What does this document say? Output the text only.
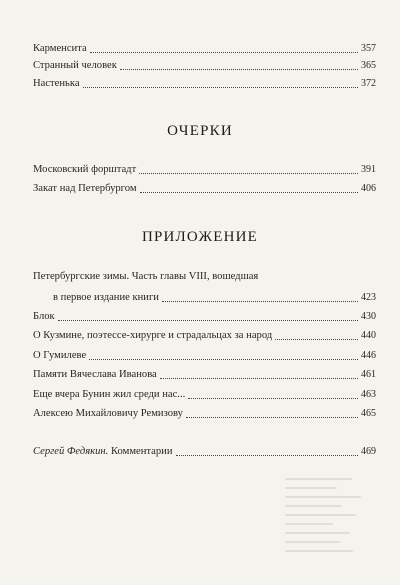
Карменсита	357
Странный человек	365
Настенька	372
ОЧЕРКИ
Московский форштадт	391
Закат над Петербургом	406
ПРИЛОЖЕНИЕ
Петербургские зимы. Часть главы VIII, вошедшая
в первое издание книги	423
Блок	430
О Кузмине, поэтессе-хирурге и страдальцах за народ	440
О Гумилеве	446
Памяти Вячеслава Иванова	461
Еще вчера Бунин жил среди нас...	463
Алексею Михайловичу Ремизову	465
Сергей Федякин. Комментарии	469
